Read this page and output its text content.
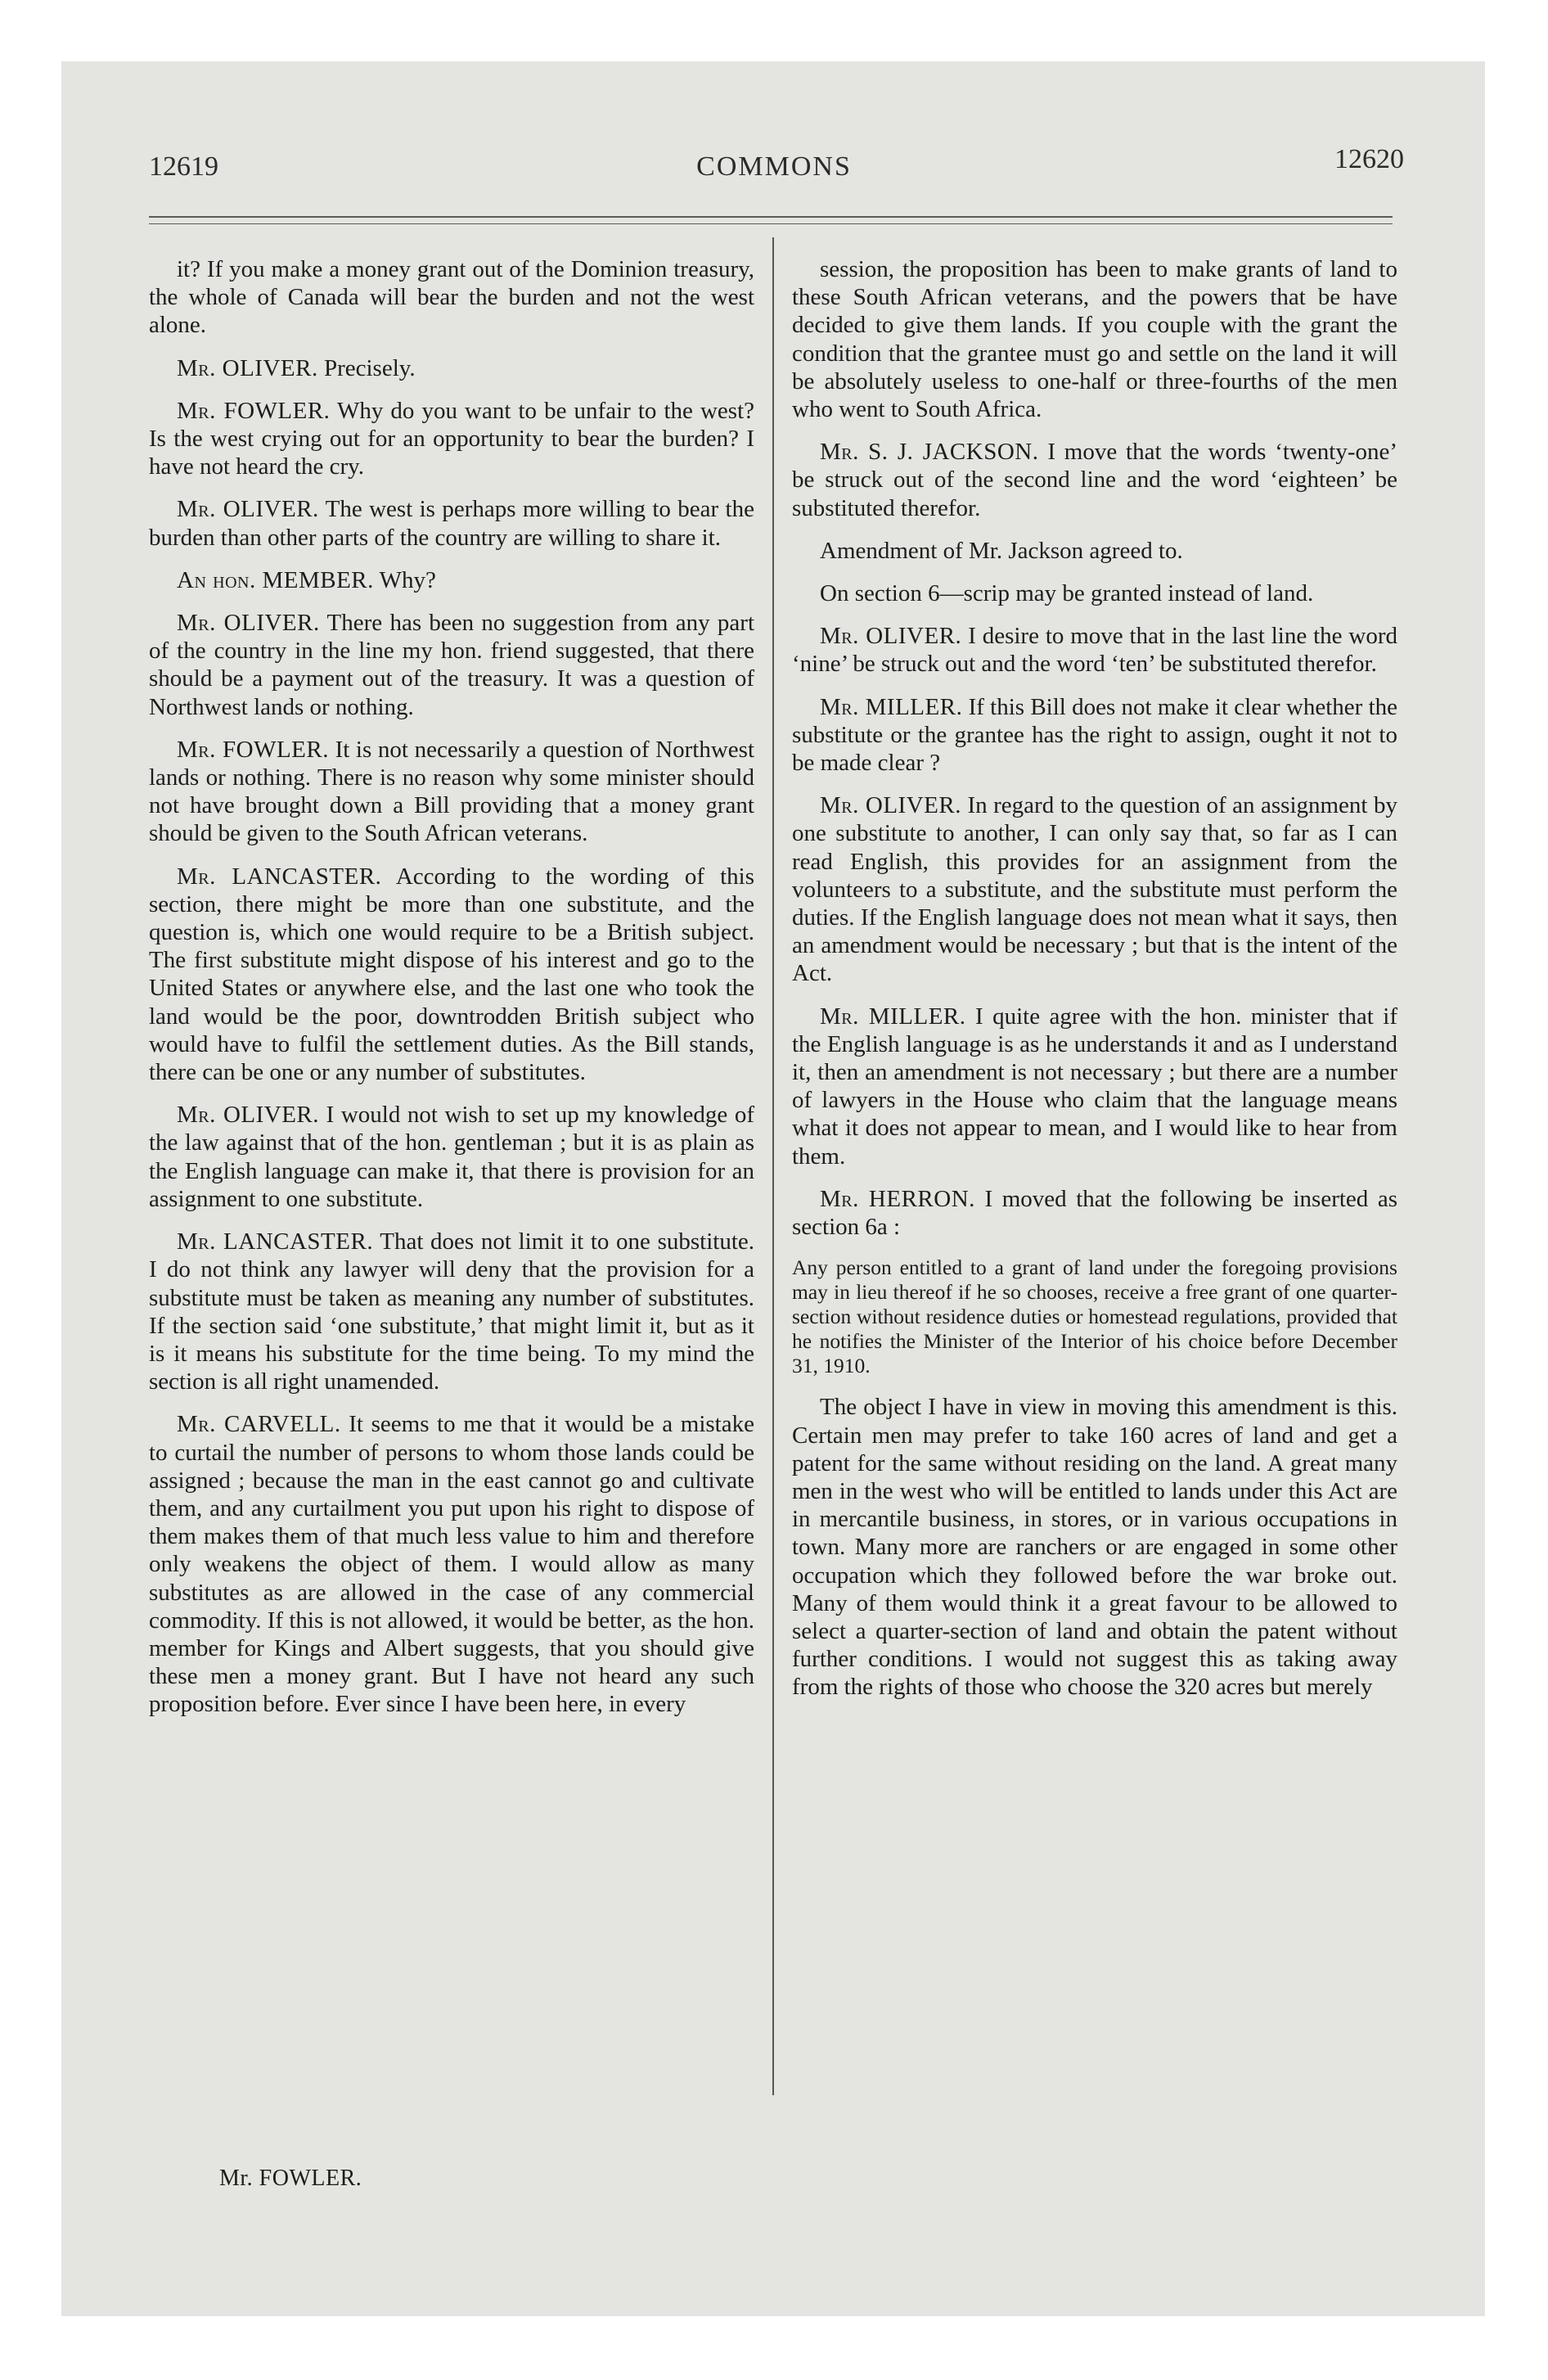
12619	COMMONS	12620

it? If you make a money grant out of the Dominion treasury, the whole of Canada will bear the burden and not the west alone.

Mr. OLIVER. Precisely.

Mr. FOWLER. Why do you want to be unfair to the west? Is the west crying out for an opportunity to bear the burden? I have not heard the cry.

Mr. OLIVER. The west is perhaps more willing to bear the burden than other parts of the country are willing to share it.

An hon. MEMBER. Why?

Mr. OLIVER. There has been no suggestion from any part of the country in the line my hon. friend suggested, that there should be a payment out of the treasury. It was a question of Northwest lands or nothing.

Mr. FOWLER. It is not necessarily a question of Northwest lands or nothing. There is no reason why some minister should not have brought down a Bill providing that a money grant should be given to the South African veterans.

Mr. LANCASTER. According to the wording of this section, there might be more than one substitute, and the question is, which one would require to be a British subject. The first substitute might dispose of his interest and go to the United States or anywhere else, and the last one who took the land would be the poor, downtrodden British subject who would have to fulfil the settlement duties. As the Bill stands, there can be one or any number of substitutes.

Mr. OLIVER. I would not wish to set up my knowledge of the law against that of the hon. gentleman ; but it is as plain as the English language can make it, that there is provision for an assignment to one substitute.

Mr. LANCASTER. That does not limit it to one substitute. I do not think any lawyer will deny that the provision for a substitute must be taken as meaning any number of substitutes. If the section said ‘one substitute,’ that might limit it, but as it is it means his substitute for the time being. To my mind the section is all right unamended.

Mr. CARVELL. It seems to me that it would be a mistake to curtail the number of persons to whom those lands could be assigned ; because the man in the east cannot go and cultivate them, and any curtailment you put upon his right to dispose of them makes them of that much less value to him and therefore only weakens the object of them. I would allow as many substitutes as are allowed in the case of any commercial commodity. If this is not allowed, it would be better, as the hon. member for Kings and Albert suggests, that you should give these men a money grant. But I have not heard any such proposition before. Ever since I have been here, in every

session, the proposition has been to make grants of land to these South African veterans, and the powers that be have decided to give them lands. If you couple with the grant the condition that the grantee must go and settle on the land it will be absolutely useless to one-half or three-fourths of the men who went to South Africa.

Mr. S. J. JACKSON. I move that the words ‘twenty-one’ be struck out of the second line and the word ‘eighteen’ be substituted therefor.

Amendment of Mr. Jackson agreed to.

On section 6—scrip may be granted instead of land.

Mr. OLIVER. I desire to move that in the last line the word ‘nine’ be struck out and the word ‘ten’ be substituted therefor.

Mr. MILLER. If this Bill does not make it clear whether the substitute or the grantee has the right to assign, ought it not to be made clear ?

Mr. OLIVER. In regard to the question of an assignment by one substitute to another, I can only say that, so far as I can read English, this provides for an assignment from the volunteers to a substitute, and the substitute must perform the duties. If the English language does not mean what it says, then an amendment would be necessary ; but that is the intent of the Act.

Mr. MILLER. I quite agree with the hon. minister that if the English language is as he understands it and as I understand it, then an amendment is not necessary ; but there are a number of lawyers in the House who claim that the language means what it does not appear to mean, and I would like to hear from them.

Mr. HERRON. I moved that the following be inserted as section 6a :

Any person entitled to a grant of land under the foregoing provisions may in lieu thereof if he so chooses, receive a free grant of one quarter-section without residence duties or homestead regulations, provided that he notifies the Minister of the Interior of his choice before December 31, 1910.

The object I have in view in moving this amendment is this. Certain men may prefer to take 160 acres of land and get a patent for the same without residing on the land. A great many men in the west who will be entitled to lands under this Act are in mercantile business, in stores, or in various occupations in town. Many more are ranchers or are engaged in some other occupation which they followed before the war broke out. Many of them would think it a great favour to be allowed to select a quarter-section of land and obtain the patent without further conditions. I would not suggest this as taking away from the rights of those who choose the 320 acres but merely

Mr. FOWLER.
